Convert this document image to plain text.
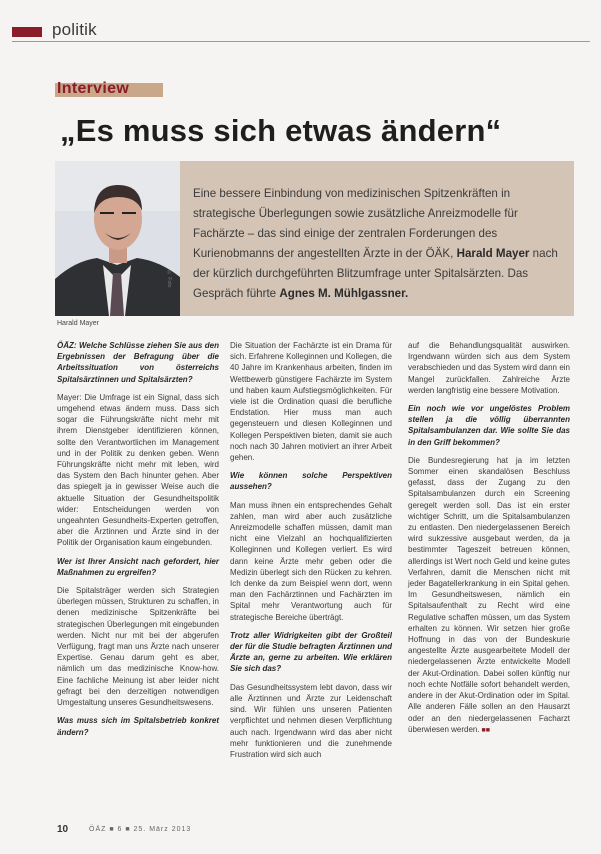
politik
Interview
„Es muss sich etwas ändern“
© Foto
Eine bessere Einbindung von medizinischen Spitzenkräften in strategische Überlegungen sowie zusätzliche Anreizmodelle für Fachärzte – das sind einige der zentralen Forderungen des Kurienobmanns der angestellten Ärzte in der ÖÄK, Harald Mayer nach der kürzlich durchgeführten Blitzumfrage unter Spitalsärzten. Das Gespräch führte Agnes M. Mühlgassner.
Harald Mayer

ÖÄZ: Welche Schlüsse ziehen Sie aus den Ergebnissen der Befragung über die Arbeitssituation von österreichs Spitalsärztinnen und Spitalsärzten?

Mayer: Die Umfrage ist ein Signal, dass sich umgehend etwas ändern muss. Dass sich sogar die Führungskräfte nicht mehr mit ihrem Dienstgeber identifizieren können, sollte den Verantwortlichen im Management und in der Politik zu denken geben. Wenn Führungskräfte nicht mehr mit leben, wird das System den Bach hinunter gehen. Aber das spiegelt ja in gewisser Weise auch die aktuelle Situation der Gesundheitspolitik wider: Entscheidungen werden von ungeahnten Gesundheits-Experten getroffen, aber die Ärztinnen und Ärzte sind in der Politik der Organisation kaum eingebunden.

Wer ist Ihrer Ansicht nach gefordert, hier Maßnahmen zu ergreifen?

Die Spitalsträger werden sich Strategien überlegen müssen, Strukturen zu schaffen, in denen medizinische Spitzenkräfte bei strategischen Überlegungen mit eingebunden werden. Nicht nur mit bei der abgerufen Verfügung, fragt man uns Ärzte nach unserer Expertise. Genau darum geht es aber, nämlich um das medizinische Know-how. Eine fachliche Meinung ist aber leider nicht gefragt bei den derzeitigen notwendigen Umgestaltung unseres Gesundheitswesens.

Was muss sich im Spitalsbetrieb konkret ändern?

Die Situation der Fachärzte ist ein Drama für sich. Erfahrene Kolleginnen und Kollegen, die 40 Jahre im Krankenhaus arbeiten, finden im Wettbewerb günstigere Fachärzte im System und haben kaum Aufstiegsmöglichkeiten. Für viele ist die Ordination quasi die berufliche Endstation. Hier muss man auch gegensteuern und diesen Kolleginnen und Kollegen Perspektiven bieten, damit sie auch noch nach 30 Jahren motiviert an ihrer Arbeit gehen.

Wie können solche Perspektiven aussehen?

Man muss ihnen ein entsprechendes Gehalt zahlen, man wird aber auch zusätzliche Anreizmodelle schaffen müssen, damit man nicht eine Vielzahl an hochqualifizierten Kolleginnen und Kollegen verliert. Es wird dann keine Ärzte mehr geben oder die Medizin überlegt sich den Rücken zu kehren. Ich denke da zum Beispiel wenn dort, wenn man den Fachärztinnen und Fachärzten im Spital mehr Verantwortung auch für strategische Bereiche überträgt.

Trotz aller Widrigkeiten gibt der Großteil der für die Studie befragten Ärztinnen und Ärzte an, gerne zu arbeiten. Wie erklären Sie sich das?

Das Gesundheitssystem lebt davon, dass wir alle Ärztinnen und Ärzte zur Leidenschaft sind. Wir fühlen uns unseren Patienten verpflichtet und nehmen diesen Verpflichtung auch nach. Irgendwann wird das aber nicht mehr funktionieren und die zunehmende Frustration wird sich auch

auf die Behandlungsqualität auswirken. Irgendwann würden sich aus dem System verabschieden und das System wird dann ein Mangel zurückfallen. Zahlreiche Ärzte werden langfristig eine bessere Motivation.

Ein noch wie vor ungelöstes Problem stellen ja die völlig überrannten Spitalsambulanzen dar. Wie sollte Sie das in den Griff bekommen?

Die Bundesregierung hat ja im letzten Sommer einen skandalösen Beschluss gefasst, dass der Zugang zu den Spitalsambulanzen durch ein Screening geregelt werden soll. Das ist ein erster wichtiger Schritt, um die Spitalsambulanzen zu entlasten. Den niedergelassenen Bereich wird sukzessive ausgebaut werden, da ja bestimmter Tageszeit betreuen können, allerdings ist Wert noch Geld und keine gutes Verfahren, damit die Menschen nicht mit jeder Bagatellerkrankung in ein Spital gehen. Im Gesundheitswesen, nämlich ein Spitalsaufenthalt zu Recht wird eine Regulative schaffen müssen, um das System erhalten zu können. Wir setzen hier große Hoffnung in das von der Bundeskurie angestellte Ärzte ausgearbeitete Modell der niedergelassenen Ärzte entwickelte Modell der Akut-Ordination. Dabei sollen künftig nur noch echte Notfälle sofort behandelt werden, andere in der Akut-Ordination oder im Spital. Alle anderen Fälle sollen an den Hausarzt oder an den niedergelassenen Facharzt überwiesen werden. ■■

10	ÖÄZ ■ 6 ■ 25. März 2013
